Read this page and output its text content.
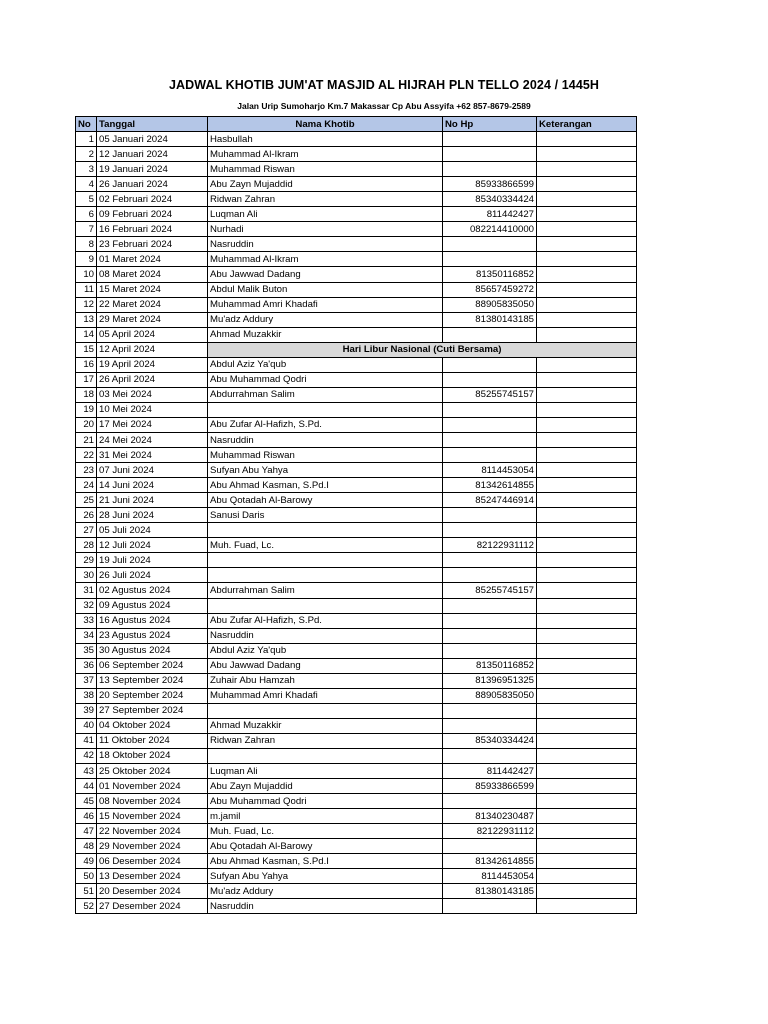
JADWAL KHOTIB JUM'AT MASJID AL HIJRAH PLN TELLO 2024 / 1445H
Jalan Urip Sumoharjo Km.7 Makassar Cp Abu Assyifa +62 857-8679-2589
No	Tanggal	Nama Khotib	No Hp	Keterangan
1	05 Januari 2024	Hasbullah		
2	12 Januari 2024	Muhammad Al-Ikram		
3	19 Januari 2024	Muhammad Riswan		
4	26 Januari 2024	Abu Zayn Mujaddid	85933866599	
5	02 Februari 2024	Ridwan Zahran	85340334424	
6	09 Februari 2024	Luqman Ali	811442427	
7	16 Februari 2024	Nurhadi	082214410000	
8	23 Februari 2024	Nasruddin		
9	01 Maret 2024	Muhammad Al-Ikram		
10	08 Maret 2024	Abu Jawwad Dadang	81350116852	
11	15 Maret 2024	Abdul Malik Buton	85657459272	
12	22 Maret 2024	Muhammad Amri Khadafi	88905835050	
13	29 Maret 2024	Mu'adz Addury	81380143185	
14	05 April 2024	Ahmad Muzakkir		
15	12 April 2024	Hari Libur Nasional (Cuti Bersama)		
16	19 April 2024	Abdul Aziz Ya'qub		
17	26 April 2024	Abu Muhammad Qodri		
18	03 Mei 2024	Abdurrahman Salim	85255745157	
19	10 Mei 2024			
20	17 Mei 2024	Abu Zufar Al-Hafizh, S.Pd.		
21	24 Mei 2024	Nasruddin		
22	31 Mei 2024	Muhammad Riswan		
23	07 Juni 2024	Sufyan Abu Yahya	8114453054	
24	14 Juni 2024	Abu Ahmad Kasman, S.Pd.I	81342614855	
25	21 Juni 2024	Abu Qotadah Al-Barowy	85247446914	
26	28 Juni 2024	Sanusi Daris		
27	05 Juli 2024			
28	12 Juli 2024	Muh. Fuad, Lc.	82122931112	
29	19 Juli 2024			
30	26 Juli 2024			
31	02 Agustus 2024	Abdurrahman Salim	85255745157	
32	09 Agustus 2024			
33	16 Agustus 2024	Abu Zufar Al-Hafizh, S.Pd.		
34	23 Agustus 2024	Nasruddin		
35	30 Agustus 2024	Abdul Aziz Ya'qub		
36	06 September 2024	Abu Jawwad Dadang	81350116852	
37	13 September 2024	Zuhair Abu Hamzah	81396951325	
38	20 September 2024	Muhammad Amri Khadafi	88905835050	
39	27 September 2024			
40	04 Oktober 2024	Ahmad Muzakkir		
41	11 Oktober 2024	Ridwan Zahran	85340334424	
42	18 Oktober 2024			
43	25 Oktober 2024	Luqman Ali	811442427	
44	01 November 2024	Abu Zayn Mujaddid	85933866599	
45	08 November 2024	Abu Muhammad Qodri		
46	15 November 2024	m.jamil	81340230487	
47	22 November 2024	Muh. Fuad, Lc.	82122931112	
48	29 November 2024	Abu Qotadah Al-Barowy		
49	06 Desember 2024	Abu Ahmad Kasman, S.Pd.I	81342614855	
50	13 Desember 2024	Sufyan Abu Yahya	8114453054	
51	20 Desember 2024	Mu'adz Addury	81380143185	
52	27 Desember 2024	Nasruddin		
